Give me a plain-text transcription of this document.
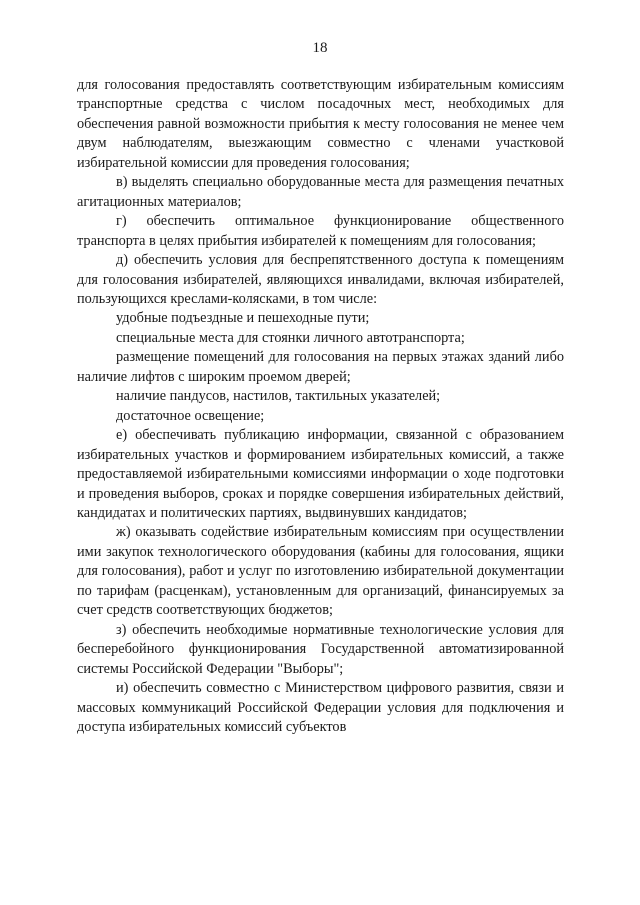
18

для голосования предоставлять соответствующим избирательным комиссиям транспортные средства с числом посадочных мест, необходимых для обеспечения равной возможности прибытия к месту голосования не менее чем двум наблюдателям, выезжающим совместно с членами участковой избирательной комиссии для проведения голосования;

в) выделять специально оборудованные места для размещения печатных агитационных материалов;

г) обеспечить оптимальное функционирование общественного транспорта в целях прибытия избирателей к помещениям для голосования;

д) обеспечить условия для беспрепятственного доступа к помещениям для голосования избирателей, являющихся инвалидами, включая избирателей, пользующихся креслами-колясками, в том числе:

удобные подъездные и пешеходные пути;

специальные места для стоянки личного автотранспорта;

размещение помещений для голосования на первых этажах зданий либо наличие лифтов с широким проемом дверей;

наличие пандусов, настилов, тактильных указателей;

достаточное освещение;

е) обеспечивать публикацию информации, связанной с образованием избирательных участков и формированием избирательных комиссий, а также предоставляемой избирательными комиссиями информации о ходе подготовки и проведения выборов, сроках и порядке совершения избирательных действий, кандидатах и политических партиях, выдвинувших кандидатов;

ж) оказывать содействие избирательным комиссиям при осуществлении ими закупок технологического оборудования (кабины для голосования, ящики для голосования), работ и услуг по изготовлению избирательной документации по тарифам (расценкам), установленным для организаций, финансируемых за счет средств соответствующих бюджетов;

з) обеспечить необходимые нормативные технологические условия для бесперебойного функционирования Государственной автоматизированной системы Российской Федерации "Выборы";

и) обеспечить совместно с Министерством цифрового развития, связи и массовых коммуникаций Российской Федерации условия для подключения и доступа избирательных комиссий субъектов
